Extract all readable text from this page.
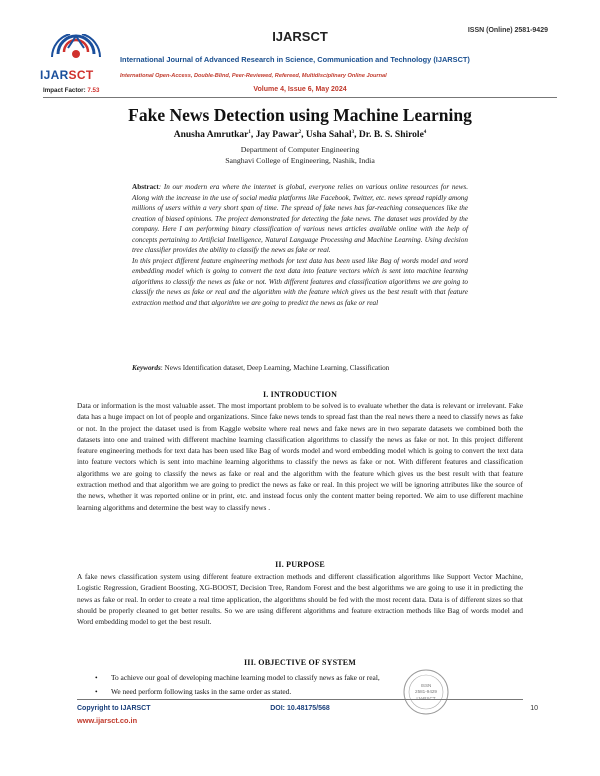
IJARSCT	ISSN (Online) 2581-9429
IJARSCT
International Journal of Advanced Research in Science, Communication and Technology (IJARSCT)
International Open-Access, Double-Blind, Peer-Reviewed, Refereed, Multidisciplinary Online Journal
Impact Factor: 7.53	Volume 4, Issue 6, May 2024
Fake News Detection using Machine Learning
Anusha Amrutkar$^1$, Jay Pawar$^2$, Usha Sahal$^3$, Dr. B. S. Shirole$^4$
Department of Computer Engineering
Sanghavi College of Engineering, Nashik, India

Abstract: In our modern era where the internet is global, everyone relies on various online resources for news. Along with the increase in the use of social media platforms like Facebook, Twitter, etc. news spread rapidly among millions of users within a very short span of time. The spread of fake news has far-reaching consequences like the creation of biased opinions. The project demonstrated for detecting the fake news. The dataset was provided by the company. Here I am performing binary classification of various news articles available online with the help of concepts pertaining to Artificial Intelligence, Natural Language Processing and Machine Learning. Using decision tree classifier provides the ability to classify the news as fake or real.

In this project different feature engineering methods for text data has been used like Bag of words model and word embedding model which is going to convert the text data into feature vectors which is sent into machine learning algorithms to classify the news as fake or not. With different features and classification algorithms we are going to classify the news as fake or real and the algorithm with the feature which gives us the best result with that feature extraction method and that algorithm we are going to predict the news as fake or real

Keywords: News Identification dataset, Deep Learning, Machine Learning, Classification
I. INTRODUCTION
Data or information is the most valuable asset. The most important problem to be solved is to evaluate whether the data is relevant or irrelevant. Fake data has a huge impact on lot of people and organizations. Since fake news tends to spread fast than the real news there a need to classify news as fake or not. In the project the dataset used is from Kaggle website where real news and fake news are in two separate datasets we combined both the datasets into one and trained with different machine learning classification algorithms to classify the news as fake or not. In this project different feature engineering methods for text data has been used like Bag of words model and word embedding model which is going to convert the text data into feature vectors which is sent into machine learning algorithms to classify the news as fake or not. With different features and classification algorithms we are going to classify the news as fake or real and the algorithm with the feature which gives us the best result with that feature extraction method and that algorithm we are going to predict the news as fake or real. In this project we will be ignoring attributes like the source of the news, whether it was reported online or in print, etc. and instead focus only the content matter being reported. We aim to use different machine learning algorithms and determine the best way to classify news .
II. PURPOSE
A fake news classification system using different feature extraction methods and different classification algorithms like Support Vector Machine, Logistic Regression, Gradient Boosting, XG-BOOST, Decision Tree, Random Forest and the best algorithms we are going to use it in predicting the news as fake or real. In order to create a real time application, the algorithms should be fed with the most recent data. Data is of different sizes so that should be properly cleaned to get better results. So we are using different algorithms and feature extraction methods like Bag of words model and Word embedding model to get the best result.
III. OBJECTIVE OF SYSTEM
• To achieve our goal of developing machine learning model to classify news as fake or real,
• We need perform following tasks in the same order as stated.
ISSN
2581-9429
Copyright to IJARSCT	DOI: 10.48175/568	10
www.ijarsct.co.in
